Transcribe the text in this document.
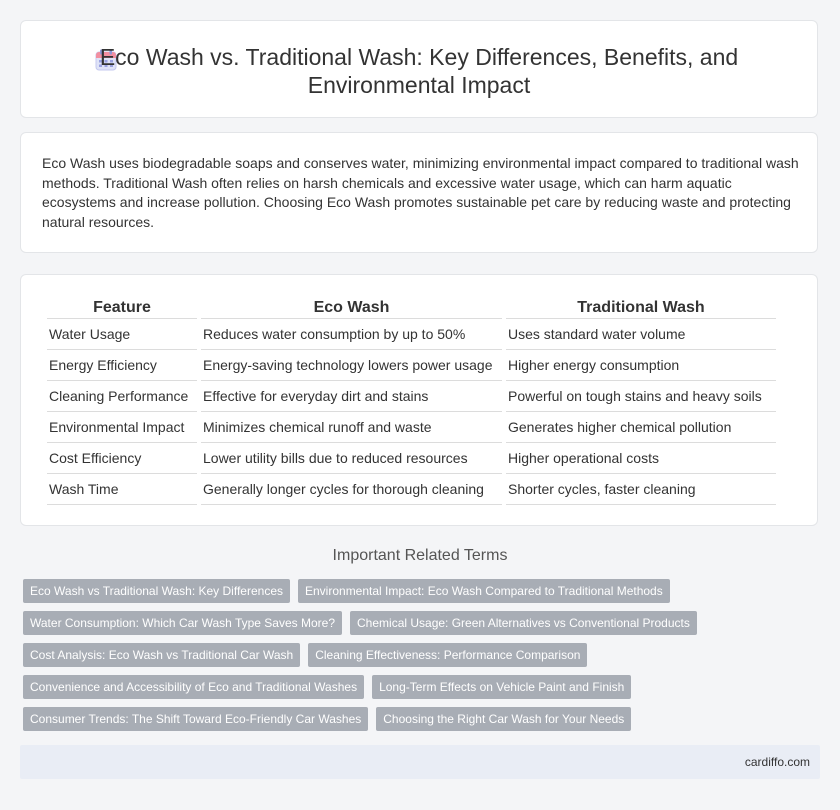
Eco Wash vs. Traditional Wash: Key Differences, Benefits, and
Environmental Impact

Eco Wash uses biodegradable soaps and conserves water, minimizing environmental impact compared to traditional wash methods. Traditional Wash often relies on harsh chemicals and excessive water usage, which can harm aquatic ecosystems and increase pollution. Choosing Eco Wash promotes sustainable pet care by reducing waste and protecting natural resources.

Feature	Eco Wash	Traditional Wash
Water Usage	Reduces water consumption by up to 50%	Uses standard water volume
Energy Efficiency	Energy-saving technology lowers power usage	Higher energy consumption
Cleaning Performance	Effective for everyday dirt and stains	Powerful on tough stains and heavy soils
Environmental Impact	Minimizes chemical runoff and waste	Generates higher chemical pollution
Cost Efficiency	Lower utility bills due to reduced resources	Higher operational costs
Wash Time	Generally longer cycles for thorough cleaning	Shorter cycles, faster cleaning
Important Related Terms
Eco Wash vs Traditional Wash: Key Differences	Environmental Impact: Eco Wash Compared to Traditional Methods
Water Consumption: Which Car Wash Type Saves More?	Chemical Usage: Green Alternatives vs Conventional Products
Cost Analysis: Eco Wash vs Traditional Car Wash	Cleaning Effectiveness: Performance Comparison
Convenience and Accessibility of Eco and Traditional Washes	Long-Term Effects on Vehicle Paint and Finish
Consumer Trends: The Shift Toward Eco-Friendly Car Washes	Choosing the Right Car Wash for Your Needs
cardiffo.com
